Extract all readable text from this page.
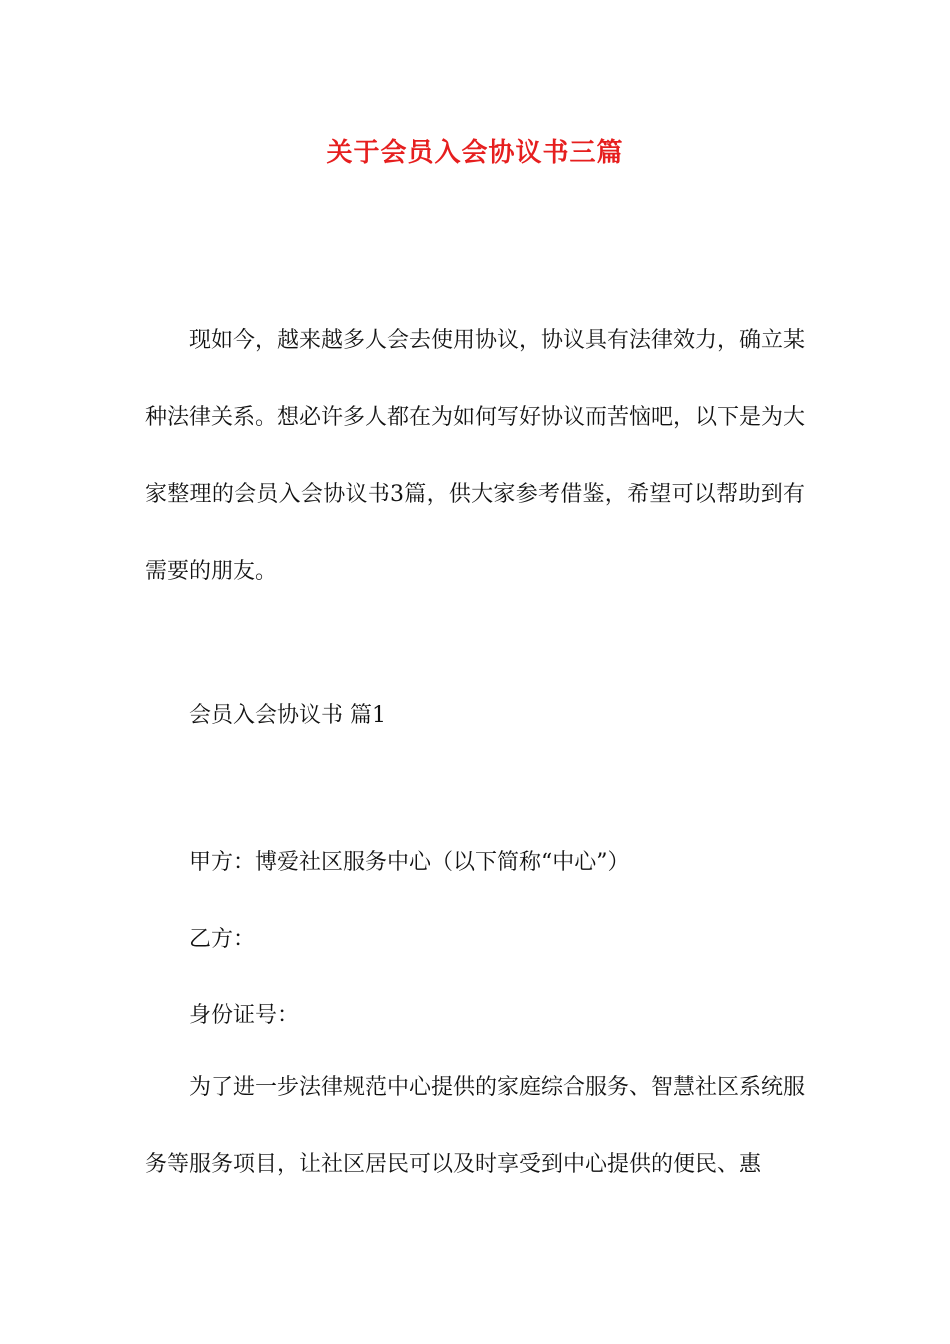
关于会员入会协议书三篇
现如今，越来越多人会去使用协议，协议具有法律效力，确立某种法律关系。想必许多人都在为如何写好协议而苦恼吧，以下是为大家整理的会员入会协议书3篇，供大家参考借鉴，希望可以帮助到有需要的朋友。
会员入会协议书 篇1
甲方：博爱社区服务中心（以下简称“中心”）
乙方：
身份证号：
为了进一步法律规范中心提供的家庭综合服务、智慧社区系统服务等服务项目，让社区居民可以及时享受到中心提供的便民、惠
